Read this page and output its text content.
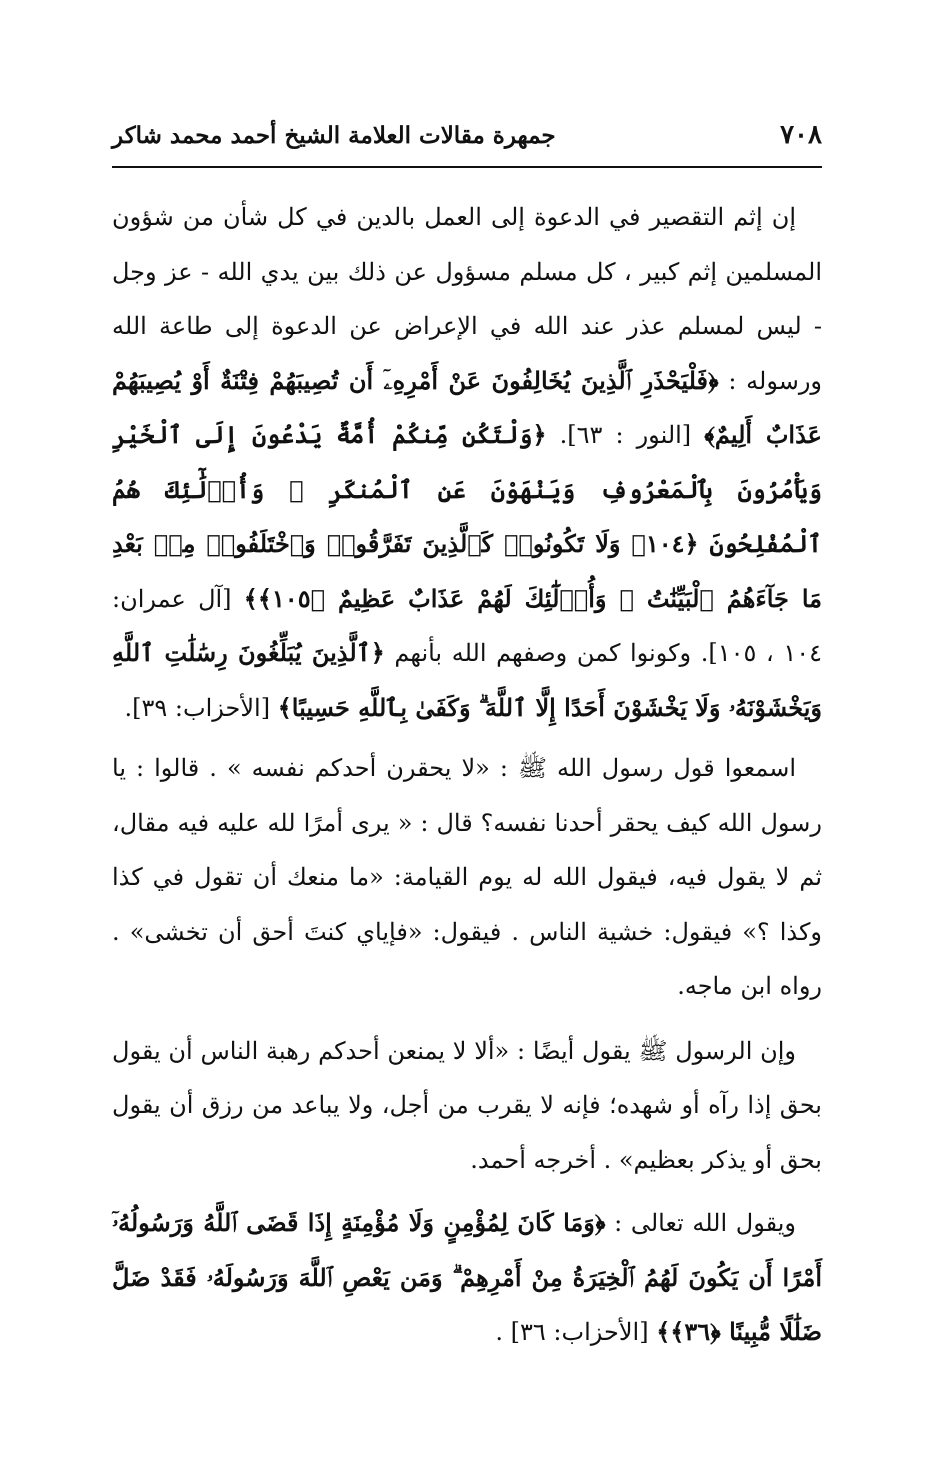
٧٠٨
جمهرة مقالات العلامة الشيخ أحمد محمد شاكر

إن إثم التقصير في الدعوة إلى العمل بالدين في كل شأن من شؤون المسلمين إثم كبير ، كل مسلم مسؤول عن ذلك بين يدي الله - عز وجل - ليس لمسلم عذر عند الله في الإعراض عن الدعوة إلى طاعة الله ورسوله : ﴿فَلْيَحْذَرِ ٱلَّذِينَ يُخَالِفُونَ عَنْ أَمْرِهِۦٓ أَن تُصِيبَهُمْ فِتْنَةٌ أَوْ يُصِيبَهُمْ عَذَابٌ أَلِيمٌ﴾ [النور : ٦٣]. ﴿وَلْتَكُن مِّنكُمْ أُمَّةٌ يَدْعُونَ إِلَى ٱلْخَيْرِ وَيَأْمُرُونَ بِٱلْمَعْرُوفِ وَيَنْهَوْنَ عَنِ ٱلْمُنكَرِ ۚ وَأُو۟لَٰٓئِكَ هُمُ ٱلْمُفْلِحُونَ ﴿١٠٤﴾ وَلَا تَكُونُوا۟ كَٱلَّذِينَ تَفَرَّقُوا۟ وَٱخْتَلَفُوا۟ مِنۢ بَعْدِ مَا جَآءَهُمُ ٱلْبَيِّنَٰتُ ۚ وَأُو۟لَٰٓئِكَ لَهُمْ عَذَابٌ عَظِيمٌ ﴿١٠٥﴾﴾ [آل عمران: ١٠٤ ، ١٠٥]. وكونوا كمن وصفهم الله بأنهم ﴿ٱلَّذِينَ يُبَلِّغُونَ رِسَٰلَٰتِ ٱللَّهِ وَيَخْشَوْنَهُۥ وَلَا يَخْشَوْنَ أَحَدًا إِلَّا ٱللَّهَ ۗ وَكَفَىٰ بِٱللَّهِ حَسِيبًا﴾ [الأحزاب: ٣٩].

اسمعوا قول رسول الله ﷺ : «لا يحقرن أحدكم نفسه » . قالوا : يا رسول الله كيف يحقر أحدنا نفسه؟ قال : « يرى أمرًا لله عليه فيه مقال، ثم لا يقول فيه، فيقول الله له يوم القيامة: «ما منعك أن تقول في كذا وكذا ؟» فيقول: خشية الناس . فيقول: «فإياي كنتَ أحق أن تخشى» . رواه ابن ماجه.

وإن الرسول ﷺ يقول أيضًا : «ألا لا يمنعن أحدكم رهبة الناس أن يقول بحق إذا رآه أو شهده؛ فإنه لا يقرب من أجل، ولا يباعد من رزق أن يقول بحق أو يذكر بعظيم» . أخرجه أحمد.

ويقول الله تعالى : ﴿وَمَا كَانَ لِمُؤْمِنٍ وَلَا مُؤْمِنَةٍ إِذَا قَضَى ٱللَّهُ وَرَسُولُهُۥٓ أَمْرًا أَن يَكُونَ لَهُمُ ٱلْخِيَرَةُ مِنْ أَمْرِهِمْ ۗ وَمَن يَعْصِ ٱللَّهَ وَرَسُولَهُۥ فَقَدْ ضَلَّ ضَلَٰلًا مُّبِينًا ﴿٣٦﴾﴾ [الأحزاب: ٣٦] .
